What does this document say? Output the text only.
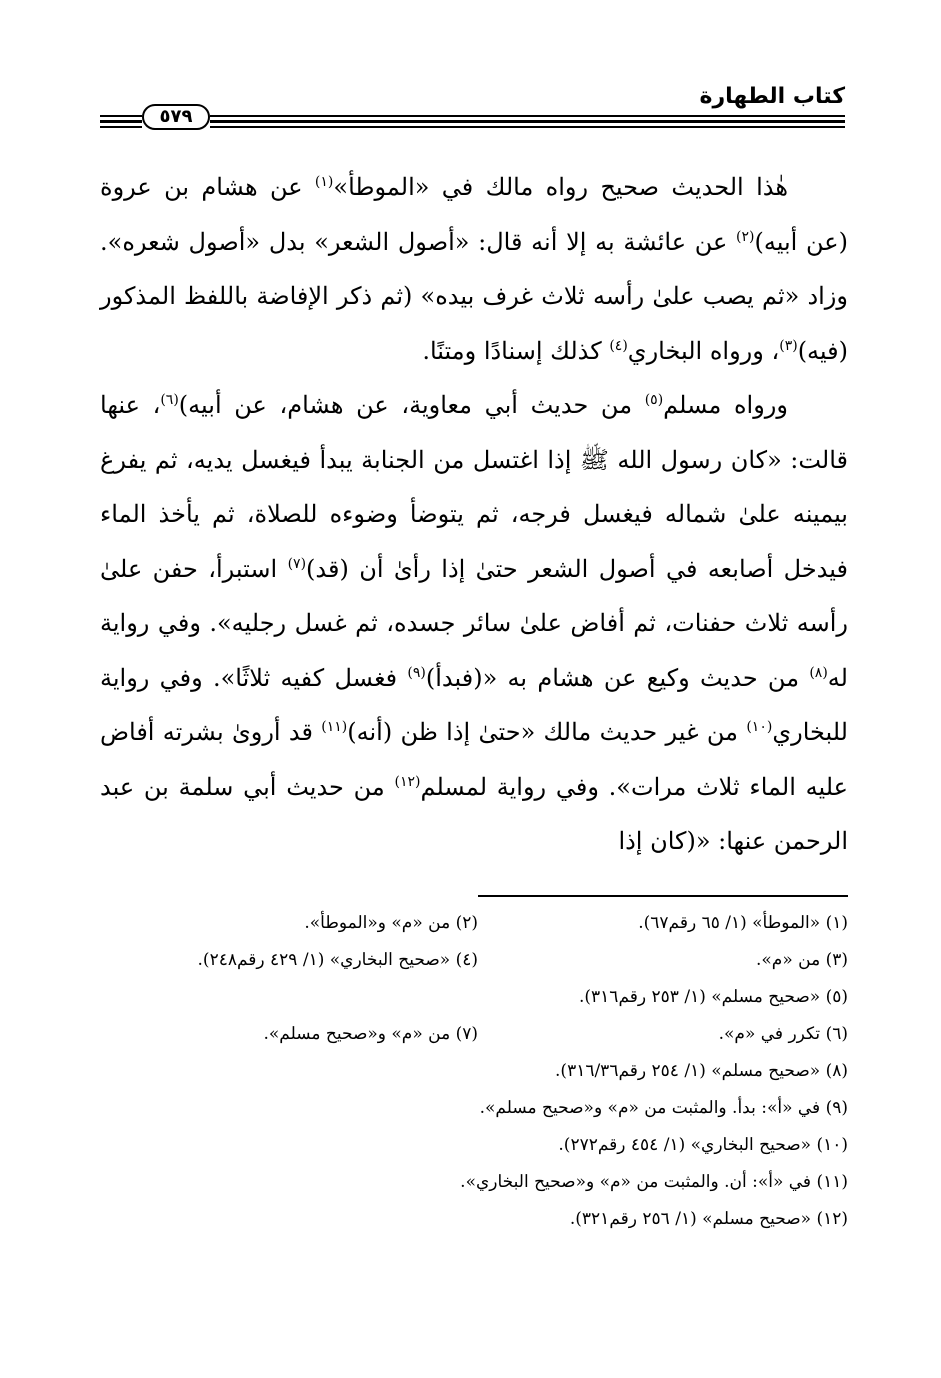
كتاب الطهارة
٥٧٩

هٰذا الحديث صحيح رواه مالك في «الموطأ»$^{(١)}$ عن هشام بن عروة (عن أبيه)$^{(٢)}$ عن عائشة به إلا أنه قال: «أصول الشعر» بدل «أصول شعره». وزاد «ثم يصب علىٰ رأسه ثلاث غرف بيده» (ثم ذكر الإفاضة باللفظ المذكور (فيه)$^{(٣)}$، ورواه البخاري$^{(٤)}$ كذلك إسنادًا ومتنًا.

ورواه مسلم$^{(٥)}$ من حديث أبي معاوية، عن هشام، عن أبيه)$^{(٦)}$، عنها قالت: «كان رسول الله ﷺ إذا اغتسل من الجنابة يبدأ فيغسل يديه، ثم يفرغ بيمينه علىٰ شماله فيغسل فرجه، ثم يتوضأ وضوءه للصلاة، ثم يأخذ الماء فيدخل أصابعه في أصول الشعر حتىٰ إذا رأىٰ أن (قد)$^{(٧)}$ استبرأ، حفن علىٰ رأسه ثلاث حفنات، ثم أفاض علىٰ سائر جسده، ثم غسل رجليه». وفي رواية له$^{(٨)}$ من حديث وكيع عن هشام به «(فبدأ)$^{(٩)}$ فغسل كفيه ثلاثًا». وفي رواية للبخاري$^{(١٠)}$ من غير حديث مالك «حتىٰ إذا ظن (أنه)$^{(١١)}$ قد أروىٰ بشرته أفاض عليه الماء ثلاث مرات». وفي رواية لمسلم$^{(١٢)}$ من حديث أبي سلمة بن عبد الرحمن عنها: «(كان إذا

(١) «الموطأ» (١/ ٦٥ رقم٦٧).
(٢) من «م» و«الموطأ».
(٣) من «م».
(٤) «صحيح البخاري» (١/ ٤٢٩ رقم٢٤٨).
(٥) «صحيح مسلم» (١/ ٢٥٣ رقم٣١٦).
(٦) تكرر في «م».
(٧) من «م» و«صحيح مسلم».
(٨) «صحيح مسلم» (١/ ٢٥٤ رقم٣١٦/٣٦).
(٩) في «أ»: بدأ. والمثبت من «م» و«صحيح مسلم».
(١٠) «صحيح البخاري» (١/ ٤٥٤ رقم٢٧٢).
(١١) في «أ»: أن. والمثبت من «م» و«صحيح البخاري».
(١٢) «صحيح مسلم» (١/ ٢٥٦ رقم٣٢١).
